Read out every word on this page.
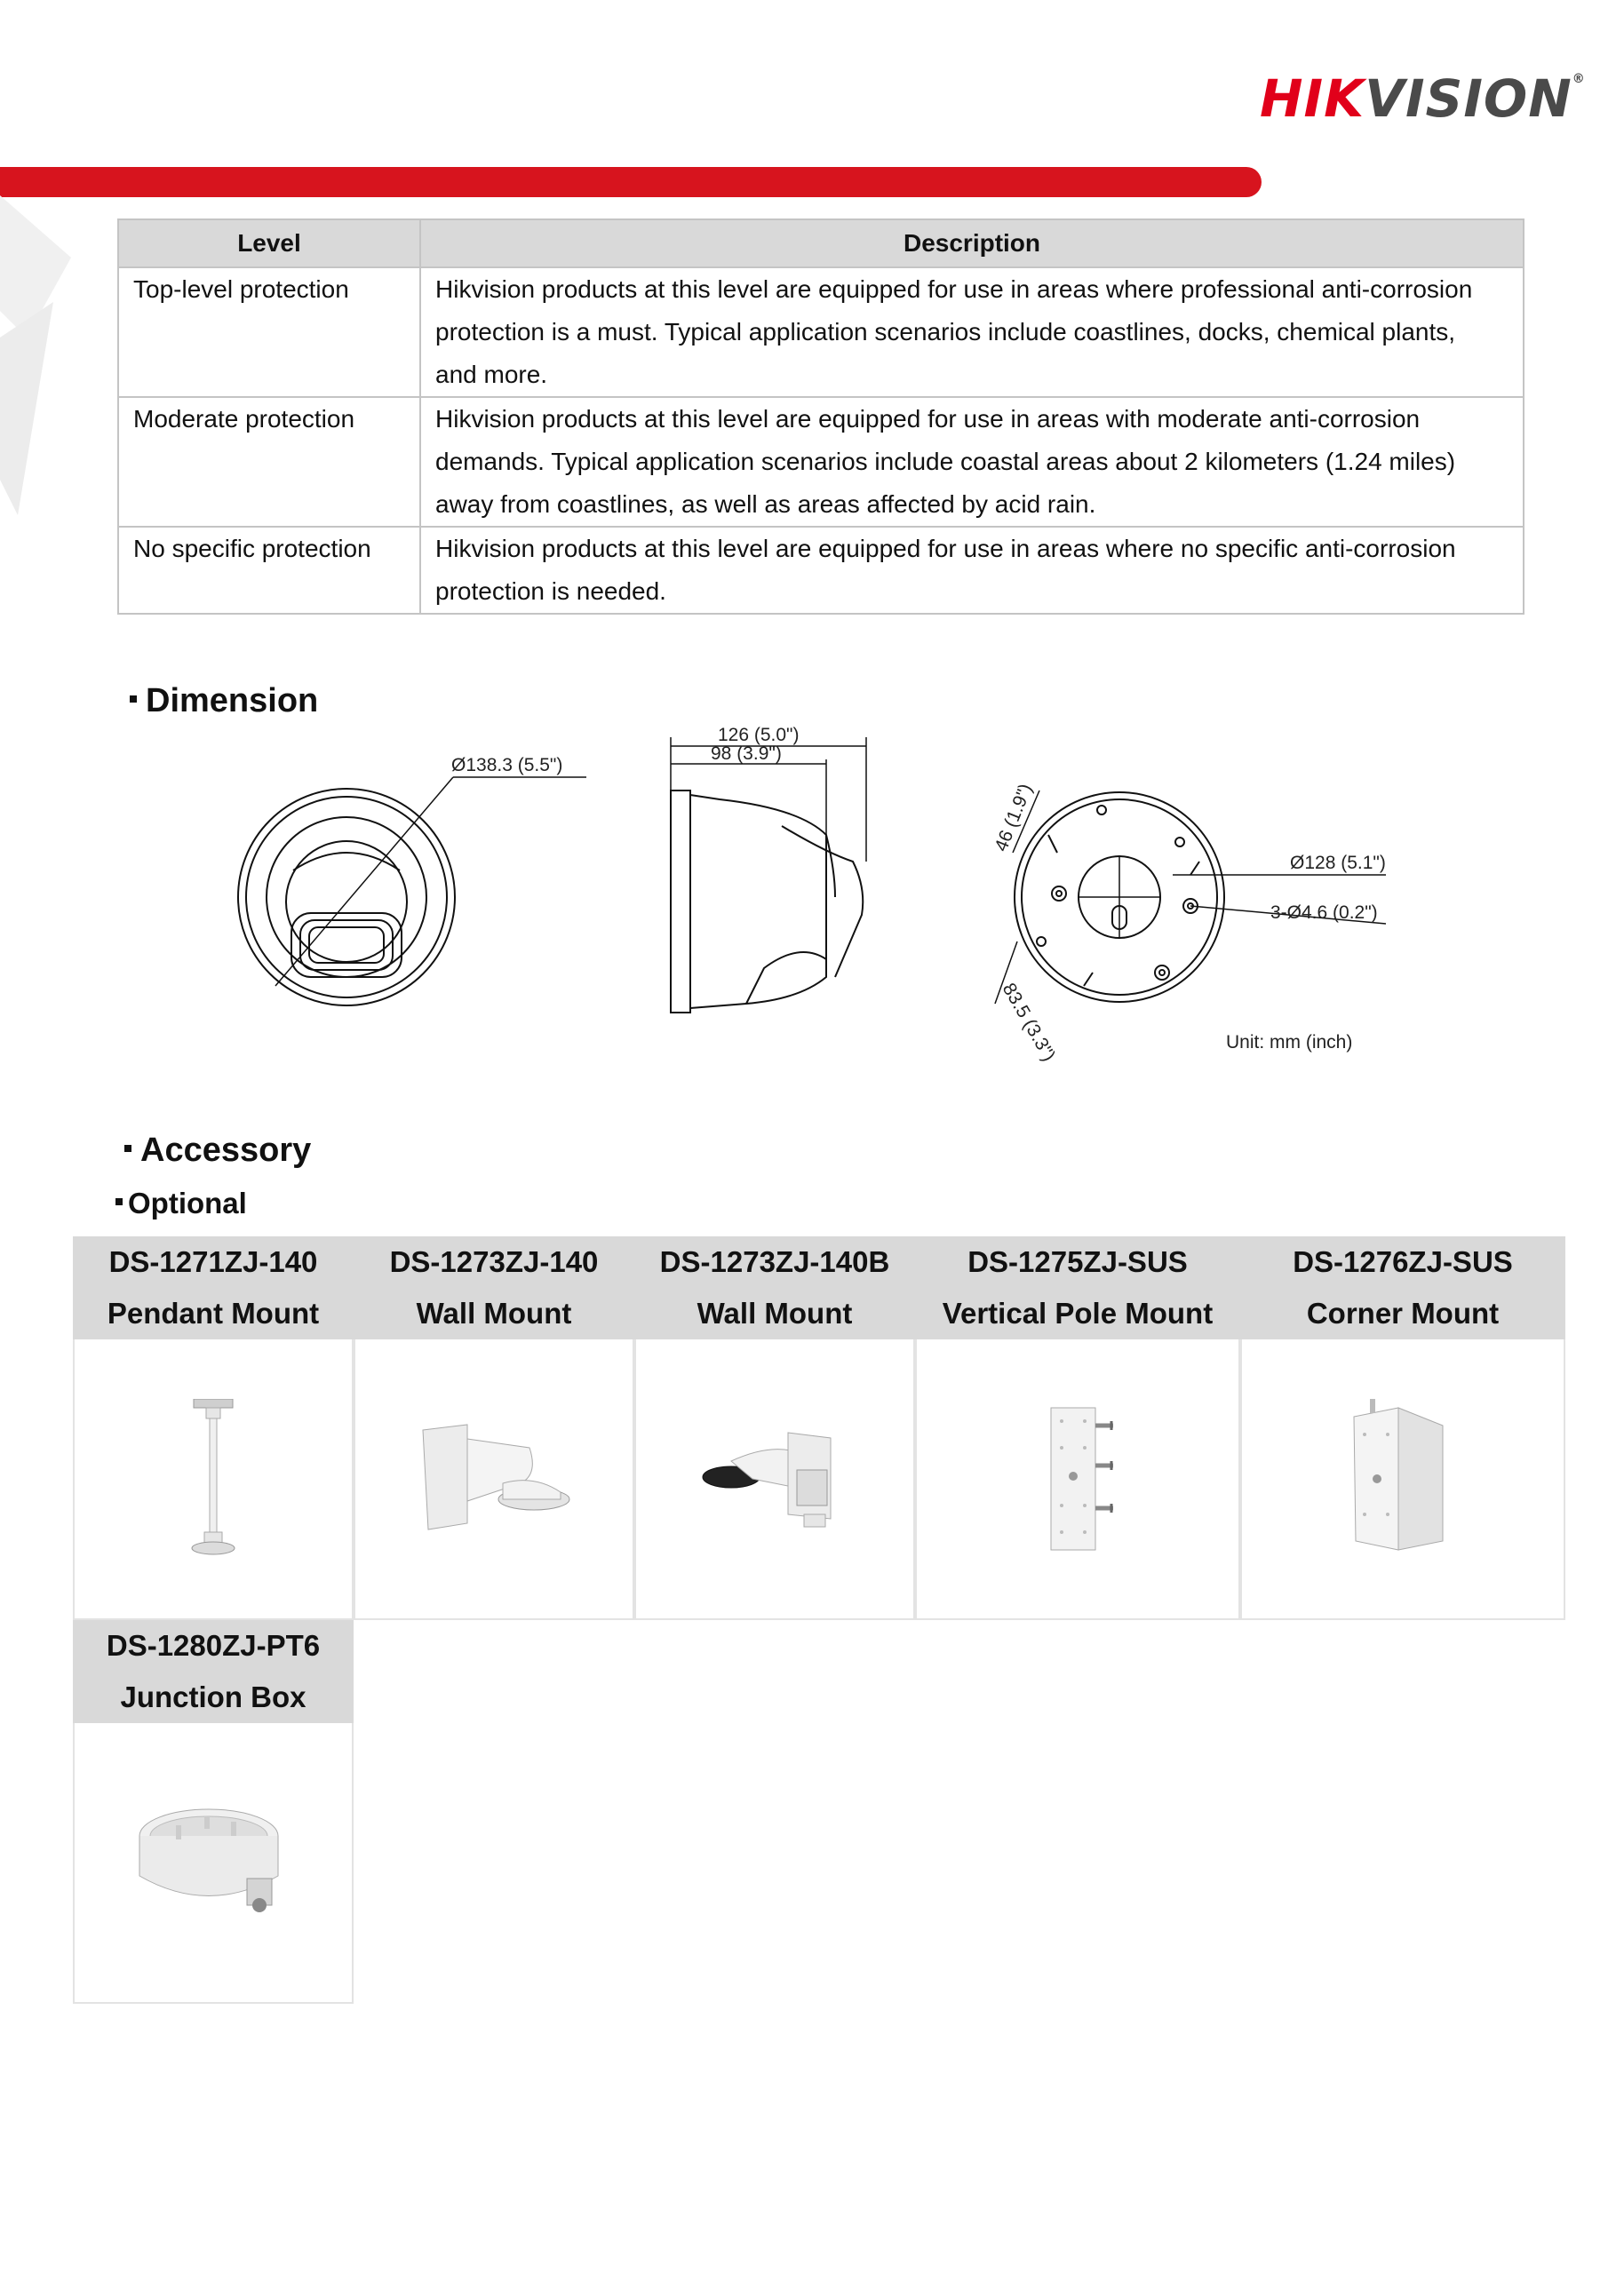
HIKVISION®
Level	Description
Top-level protection	Hikvision products at this level are equipped for use in areas where professional anti-corrosion
protection is a must. Typical application scenarios include coastlines, docks, chemical plants,
and more.

Moderate protection	Hikvision products at this level are equipped for use in areas with moderate anti-corrosion
demands. Typical application scenarios include coastal areas about 2 kilometers (1.24 miles)
away from coastlines, as well as areas affected by acid rain.

No specific protection	Hikvision products at this level are equipped for use in areas where no specific anti-corrosion
protection is needed.
Dimension
Ø138.3 (5.5")
126 (5.0")
98 (3.9")
46 (1.9")
Ø128 (5.1")
3-Ø4.6 (0.2")
83.5 (3.3")	Unit: mm (inch)
Accessory
Optional
DS-1271ZJ-140
Pendant Mount
DS-1273ZJ-140
Wall Mount
DS-1273ZJ-140B
Wall Mount
DS-1275ZJ-SUS
Vertical Pole Mount
DS-1276ZJ-SUS
Corner Mount
DS-1280ZJ-PT6
Junction Box
